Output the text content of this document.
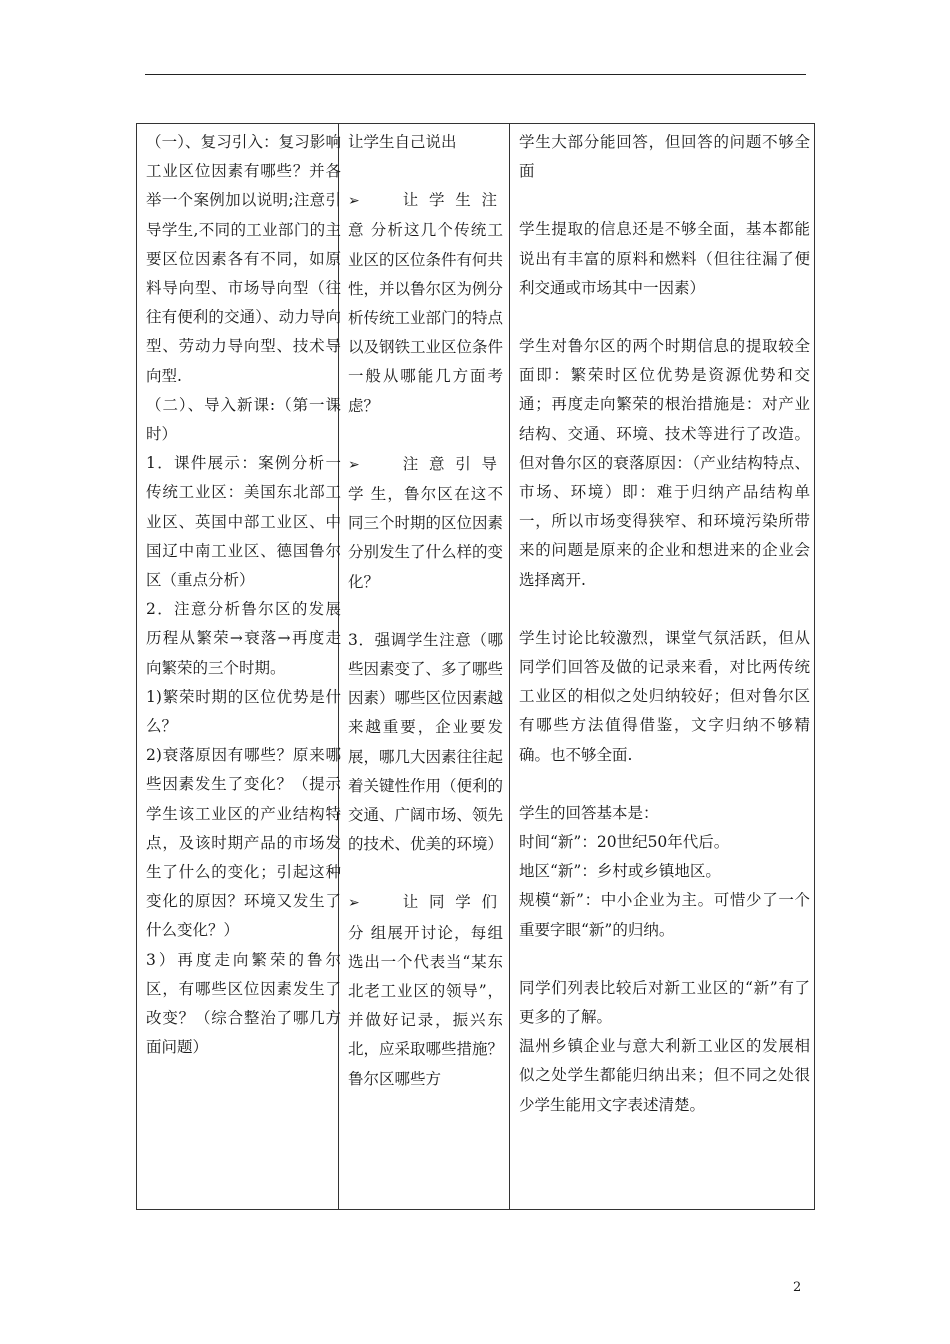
（一）、复习引入：复习影响工业区位因素有哪些？并各举一个案例加以说明;注意引导学生,不同的工业部门的主要区位因素各有不同，如原料导向型、市场导向型（往往有便利的交通）、动力导向型、劳动力导向型、技术导向型.

（二）、导入新课:（第一课时）

1．课件展示：案例分析一传统工业区：美国东北部工业区、英国中部工业区、中国辽中南工业区、德国鲁尔区（重点分析）

2．注意分析鲁尔区的发展历程从繁荣→衰落→再度走向繁荣的三个时期。

1)繁荣时期的区位优势是什么？

2)衰落原因有哪些？原来哪些因素发生了变化？（提示学生该工业区的产业结构特点，及该时期产品的市场发生了什么的变化；引起这种变化的原因？环境又发生了什么变化？）

3）再度走向繁荣的鲁尔区，有哪些区位因素发生了改变？（综合整治了哪几方面问题）

让学生自己说出

➢ 让学生注意分析这几个传统工业区的区位条件有何共性，并以鲁尔区为例分析传统工业部门的特点以及钢铁工业区位条件一般从哪能几方面考虑？

➢ 注意引导学生，鲁尔区在这不同三个时期的区位因素分别发生了什么样的变化？

3．强调学生注意（哪些因素变了、多了哪些因素）哪些区位因素越来越重要，企业要发展，哪几大因素往往起着关键性作用（便利的交通、广阔市场、领先的技术、优美的环境）

➢ 让同学们分组展开讨论，每组选出一个代表当“某东北老工业区的领导”，并做好记录，振兴东北，应采取哪些措施？鲁尔区哪些方

学生大部分能回答，但回答的问题不够全面

学生提取的信息还是不够全面，基本都能说出有丰富的原料和燃料（但往往漏了便利交通或市场其中一因素）

学生对鲁尔区的两个时期信息的提取较全面即：繁荣时区位优势是资源优势和交通；再度走向繁荣的根治措施是：对产业结构、交通、环境、技术等进行了改造。但对鲁尔区的衰落原因：（产业结构特点、市场、环境）即：难于归纳产品结构单一，所以市场变得狭窄、和环境污染所带来的问题是原来的企业和想进来的企业会选择离开.

学生讨论比较激烈，课堂气氛活跃，但从同学们回答及做的记录来看，对比两传统工业区的相似之处归纳较好；但对鲁尔区有哪些方法值得借鉴，文字归纳不够精确。也不够全面.

学生的回答基本是：

时间“新”：20世纪50年代后。

地区“新”：乡村或乡镇地区。

规模“新”：中小企业为主。可惜少了一个重要字眼“新”的归纳。

同学们列表比较后对新工业区的“新”有了更多的了解。

温州乡镇企业与意大利新工业区的发展相似之处学生都能归纳出来；但不同之处很少学生能用文字表述清楚。

2
